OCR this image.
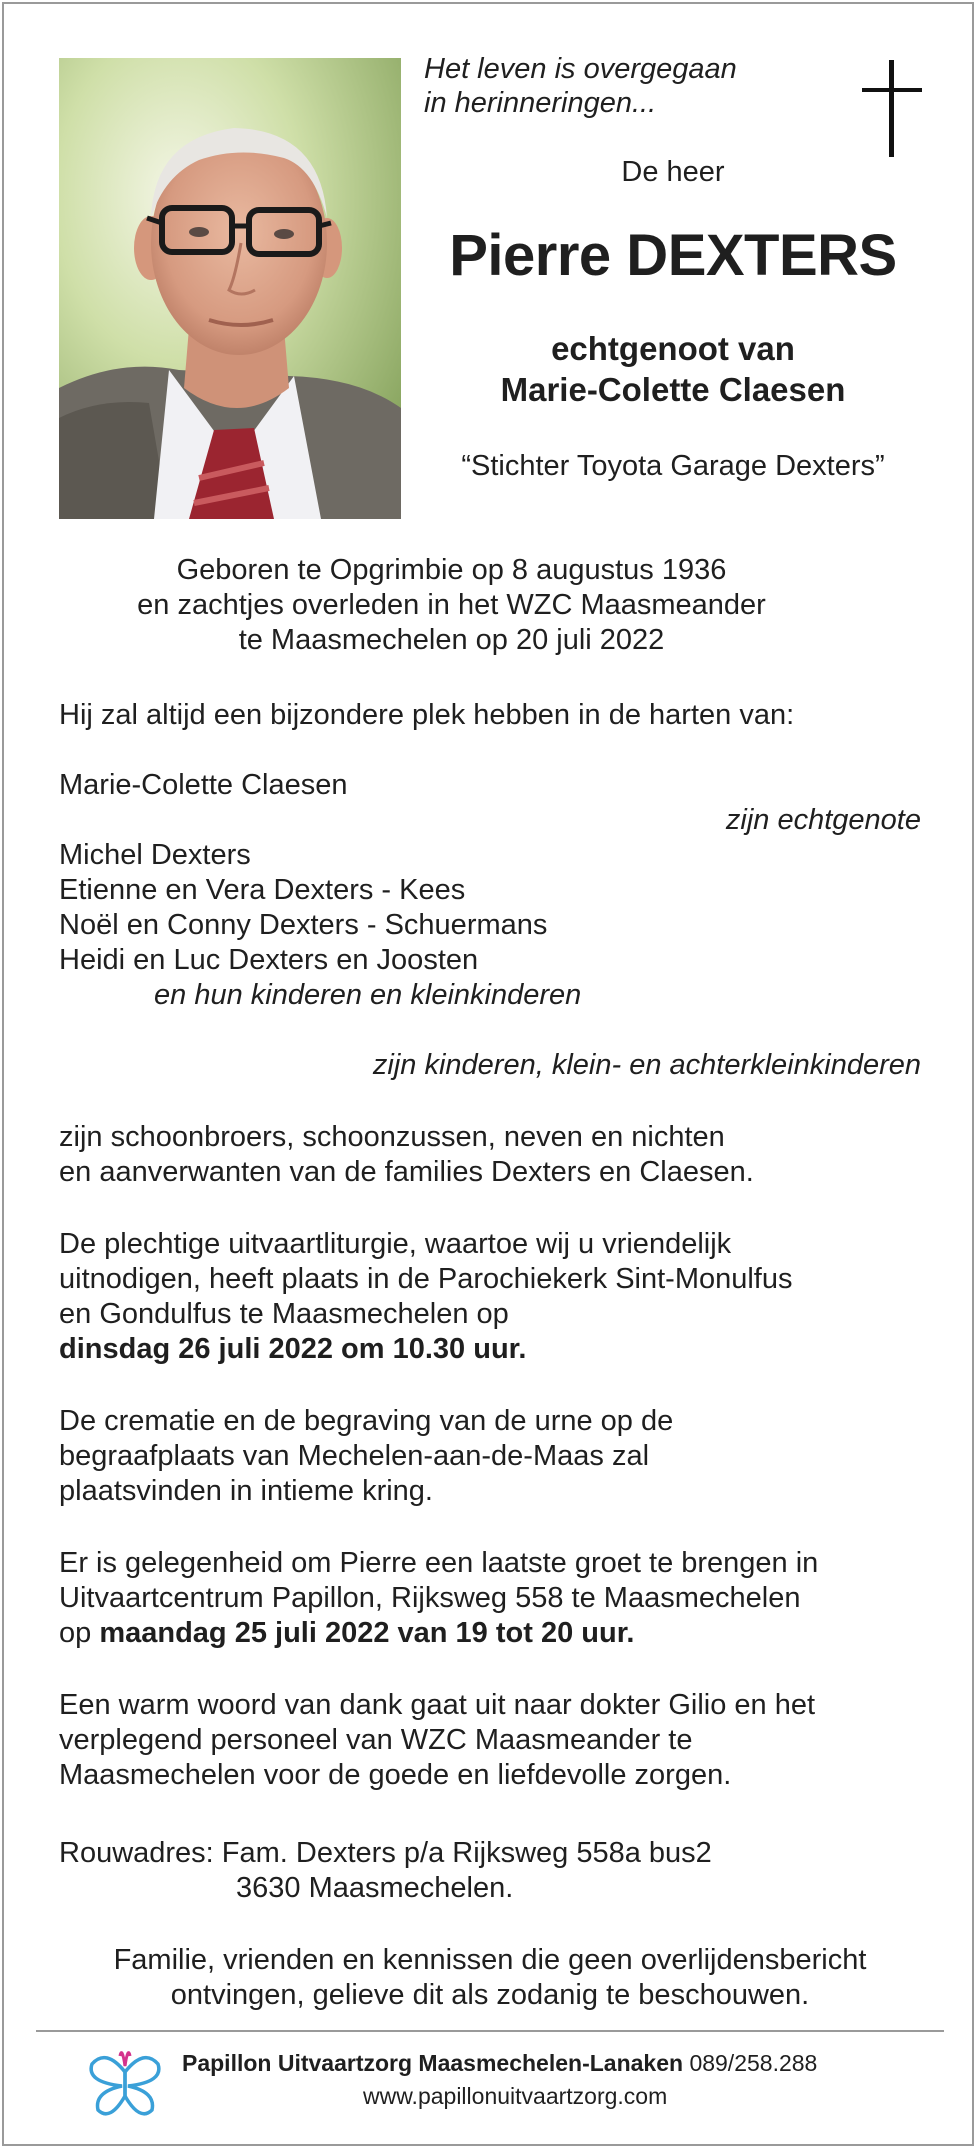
Het leven is overgegaan
in herinneringen...
De heer
Pierre DEXTERS
echtgenoot van
Marie-Colette Claesen
“Stichter Toyota Garage Dexters”
Geboren te Opgrimbie op 8 augustus 1936
en zachtjes overleden in het WZC Maasmeander
te Maasmechelen op 20 juli 2022
Hij zal altijd een bijzondere plek hebben in de harten van:
Marie-Colette Claesen
zijn echtgenote
Michel Dexters
Etienne en Vera Dexters - Kees
Noël en Conny Dexters - Schuermans
Heidi en Luc Dexters en Joosten
en hun kinderen en kleinkinderen
zijn kinderen, klein- en achterkleinkinderen
zijn schoonbroers, schoonzussen, neven en nichten
en aanverwanten van de families Dexters en Claesen.
De plechtige uitvaartliturgie, waartoe wij u vriendelijk
uitnodigen, heeft plaats in de Parochiekerk Sint-Monulfus
en Gondulfus te Maasmechelen op
dinsdag 26 juli 2022 om 10.30 uur.
De crematie en de begraving van de urne op de
begraafplaats van Mechelen-aan-de-Maas zal
plaatsvinden in intieme kring.
Er is gelegenheid om Pierre een laatste groet te brengen in
Uitvaartcentrum Papillon, Rijksweg 558 te Maasmechelen
op maandag 25 juli 2022 van 19 tot 20 uur.
Een warm woord van dank gaat uit naar dokter Gilio en het
verplegend personeel van WZC Maasmeander te
Maasmechelen voor de goede en liefdevolle zorgen.
Rouwadres: Fam. Dexters p/a Rijksweg 558a bus2
3630 Maasmechelen.
Familie, vrienden en kennissen die geen overlijdensbericht
ontvingen, gelieve dit als zodanig te beschouwen.
Papillon Uitvaartzorg Maasmechelen-Lanaken 089/258.288
www.papillonuitvaartzorg.com
